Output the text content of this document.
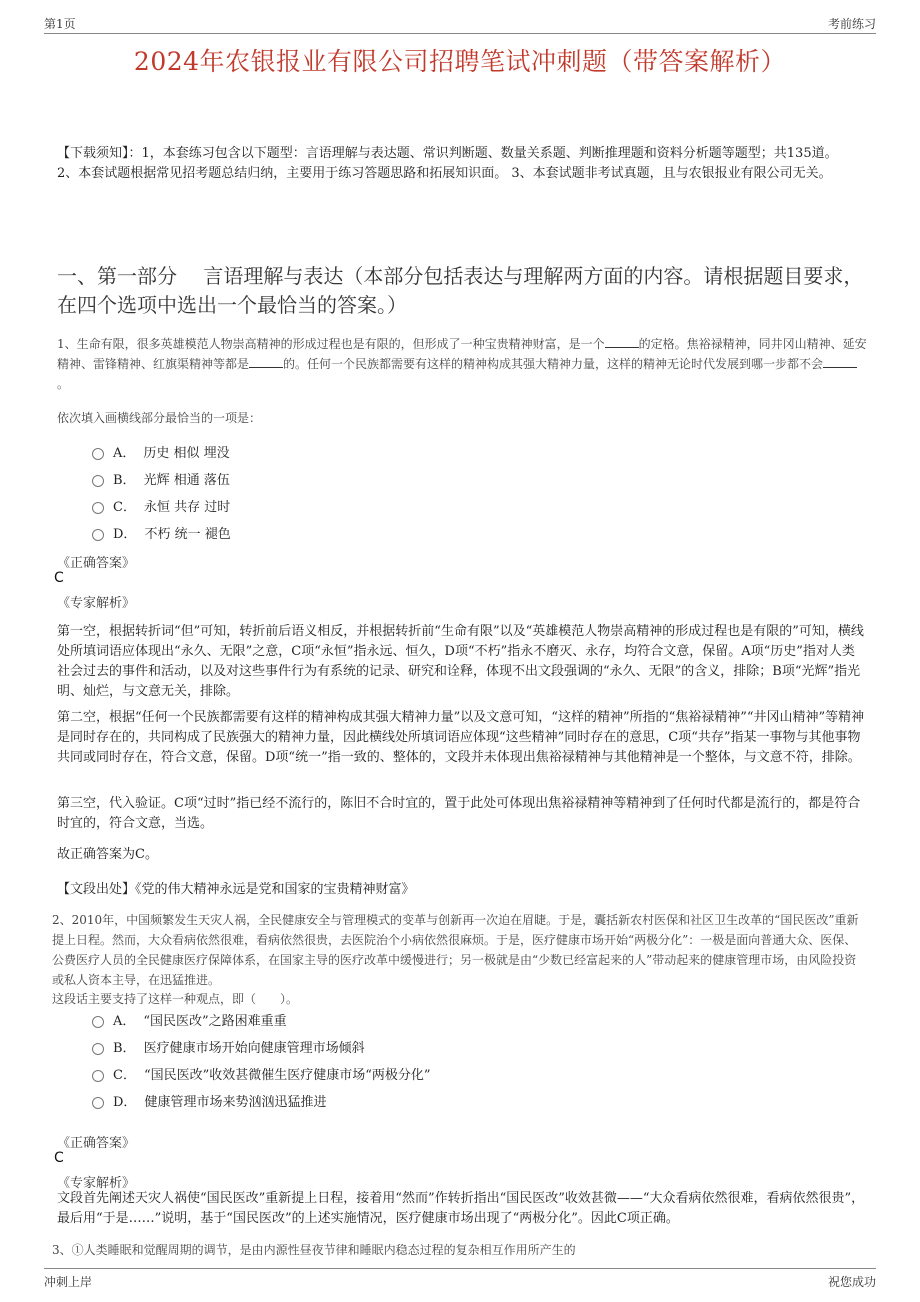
第1页	考前练习
2024年农银报业有限公司招聘笔试冲刺题（带答案解析）
【下载须知】：1，本套练习包含以下题型：言语理解与表达题、常识判断题、数量关系题、判断推理题和资料分析题等题型；共135道。 2、本套试题根据常见招考题总结归纳，主要用于练习答题思路和拓展知识面。 3、本套试题非考试真题，且与农银报业有限公司无关。
一、第一部分　 言语理解与表达（本部分包括表达与理解两方面的内容。请根据题目要求，在四个选项中选出一个最恰当的答案。）
1、生命有限，很多英雄模范人物崇高精神的形成过程也是有限的，但形成了一种宝贵精神财富，是一个	的定格。焦裕禄精神，同井冈山精神、延安精神、雷锋精神、红旗渠精神等都是	的。任何一个民族都需要有这样的精神构成其强大精神力量，这样的精神无论时代发展到哪一步都不会。
依次填入画横线部分最恰当的一项是：
A． 历史 相似 埋没
B． 光辉 相通 落伍
C． 永恒 共存 过时
D． 不朽 统一 褪色
《正确答案》
C
《专家解析》
第一空，根据转折词“但”可知，转折前后语义相反，并根据转折前“生命有限”以及“英雄模范人物崇高精神的形成过程也是有限的”可知，横线处所填词语应体现出“永久、无限”之意，C项“永恒”指永远、恒久，D项“不朽”指永不磨灭、永存，均符合文意，保留。A项“历史”指对人类社会过去的事件和活动，以及对这些事件行为有系统的记录、研究和诠释，体现不出文段强调的“永久、无限”的含义，排除；B项“光辉”指光明、灿烂，与文意无关，排除。
第二空，根据“任何一个民族都需要有这样的精神构成其强大精神力量”以及文意可知，“这样的精神”所指的“焦裕禄精神”“井冈山精神”等精神是同时存在的，共同构成了民族强大的精神力量，因此横线处所填词语应体现“这些精神”同时存在的意思，C项“共存”指某一事物与其他事物共同或同时存在，符合文意，保留。D项“统一”指一致的、整体的，文段并未体现出焦裕禄精神与其他精神是一个整体，与文意不符，排除。
第三空，代入验证。C项“过时”指已经不流行的，陈旧不合时宜的，置于此处可体现出焦裕禄精神等精神到了任何时代都是流行的，都是符合时宜的，符合文意，当选。
故正确答案为C。
【文段出处】《党的伟大精神永远是党和国家的宝贵精神财富》
2、2010年，中国频繁发生天灾人祸，全民健康安全与管理模式的变革与创新再一次迫在眉睫。于是，囊括新农村医保和社区卫生改革的“国民医改”重新提上日程。然而，大众看病依然很难，看病依然很贵，去医院治个小病依然很麻烦。于是，医疗健康市场开始“两极分化”：一极是面向普通大众、医保、公费医疗人员的全民健康医疗保障体系，在国家主导的医疗改革中缓慢进行；另一极就是由“少数已经富起来的人”带动起来的健康管理市场，由风险投资或私人资本主导，在迅猛推进。
这段话主要支持了这样一种观点，即（　　）。
A． “国民医改”之路困难重重
B． 医疗健康市场开始向健康管理市场倾斜
C． “国民医改”收效甚微催生医疗健康市场“两极分化”
D． 健康管理市场来势汹汹迅猛推进
《正确答案》
C
《专家解析》
文段首先阐述天灾人祸使“国民医改”重新提上日程，接着用“然而”作转折指出“国民医改”收效甚微——“大众看病依然很难，看病依然很贵”，最后用“于是……”说明，基于“国民医改”的上述实施情况，医疗健康市场出现了“两极分化”。因此C项正确。
3、①人类睡眠和觉醒周期的调节，是由内源性昼夜节律和睡眠内稳态过程的复杂相互作用所产生的
冲刺上岸	祝您成功
